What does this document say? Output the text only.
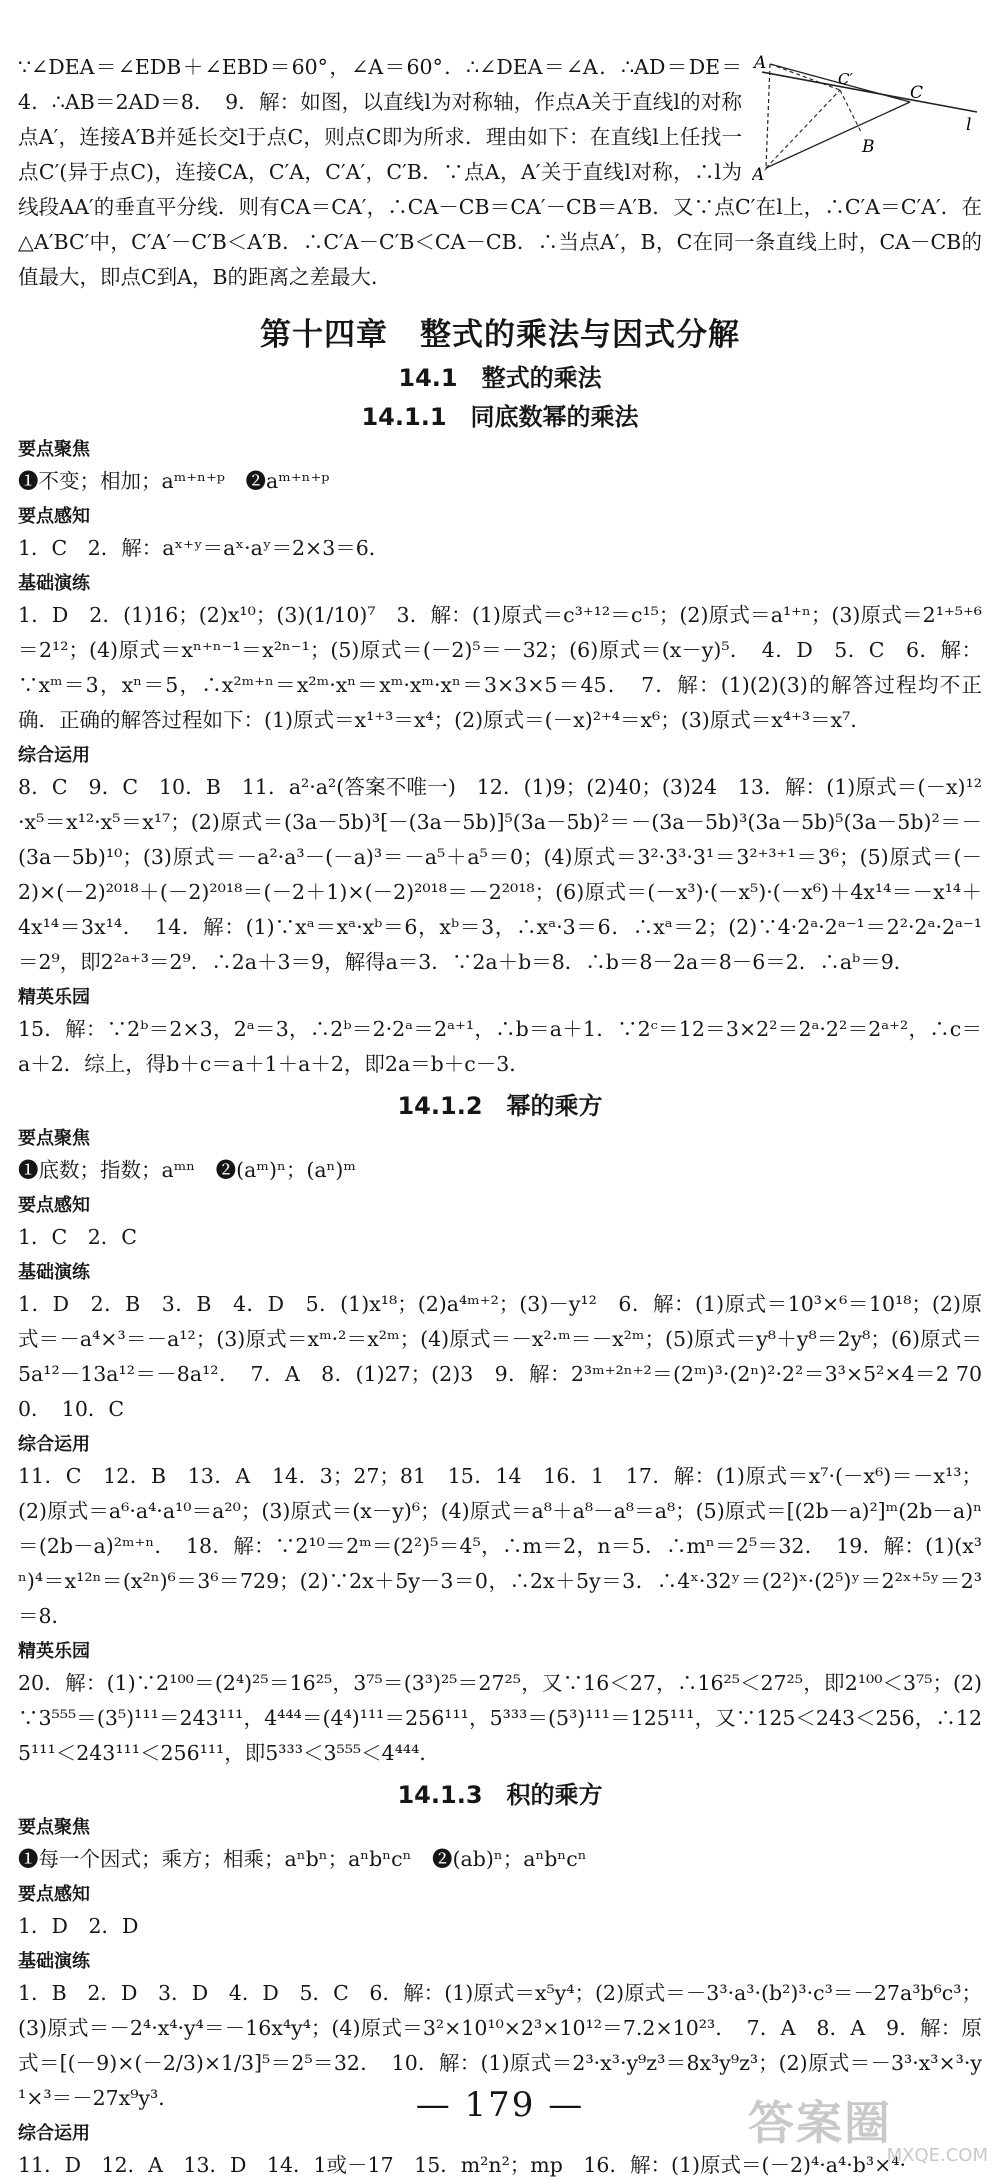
A
A′
B
C
C′
l

∵∠DEA＝∠EDB＋∠EBD＝60°，∠A＝60°．∴∠DEA＝∠A．∴AD＝DE＝4．∴AB＝2AD＝8．　9．解：如图，以直线l为对称轴，作点A关于直线l的对称点A′，连接A′B并延长交l于点C，则点C即为所求．理由如下：在直线l上任找一点C′(异于点C)，连接CA，C′A，C′A′，C′B．∵点A，A′关于直线l对称，∴l为线段AA′的垂直平分线．则有CA＝CA′，∴CA－CB＝CA′－CB＝A′B．又∵点C′在l上，∴C′A＝C′A′．在△A′BC′中，C′A′－C′B＜A′B．∴C′A－C′B＜CA－CB．∴当点A′，B，C在同一条直线上时，CA－CB的值最大，即点C到A，B的距离之差最大．

第十四章　整式的乘法与因式分解
14.1　整式的乘法
14.1.1　同底数幂的乘法
要点聚焦

❶不变；相加；aᵐ⁺ⁿ⁺ᵖ　❷aᵐ⁺ⁿ⁺ᵖ

要点感知

1．C　2．解：aˣ⁺ʸ＝aˣ·aʸ＝2×3＝6．

基础演练

1．D　2．(1)16；(2)x¹⁰；(3)(1/10)⁷　3．解：(1)原式＝c³⁺¹²＝c¹⁵；(2)原式＝a¹⁺ⁿ；(3)原式＝2¹⁺⁵⁺⁶＝2¹²；(4)原式＝xⁿ⁺ⁿ⁻¹＝x²ⁿ⁻¹；(5)原式＝(－2)⁵＝－32；(6)原式＝(x－y)⁵．　4．D　5．C　6．解：∵xᵐ＝3，xⁿ＝5，∴x²ᵐ⁺ⁿ＝x²ᵐ·xⁿ＝xᵐ·xᵐ·xⁿ＝3×3×5＝45．　7．解：(1)(2)(3)的解答过程均不正确．正确的解答过程如下：(1)原式＝x¹⁺³＝x⁴；(2)原式＝(－x)²⁺⁴＝x⁶；(3)原式＝x⁴⁺³＝x⁷．

综合运用

8．C　9．C　10．B　11．a²·a²(答案不唯一)　12．(1)9；(2)40；(3)24　13．解：(1)原式＝(－x)¹²·x⁵＝x¹²·x⁵＝x¹⁷；(2)原式＝(3a－5b)³[－(3a－5b)]⁵(3a－5b)²＝－(3a－5b)³(3a－5b)⁵(3a－5b)²＝－(3a－5b)¹⁰；(3)原式＝－a²·a³－(－a)³＝－a⁵＋a⁵＝0；(4)原式＝3²·3³·3¹＝3²⁺³⁺¹＝3⁶；(5)原式＝(－2)×(－2)²⁰¹⁸＋(－2)²⁰¹⁸＝(－2＋1)×(－2)²⁰¹⁸＝－2²⁰¹⁸；(6)原式＝(－x³)·(－x⁵)·(－x⁶)＋4x¹⁴＝－x¹⁴＋4x¹⁴＝3x¹⁴．　14．解：(1)∵xᵃ＝xᵃ·xᵇ＝6，xᵇ＝3，∴xᵃ·3＝6．∴xᵃ＝2；(2)∵4·2ᵃ·2ᵃ⁻¹＝2²·2ᵃ·2ᵃ⁻¹＝2⁹，即2²ᵃ⁺³＝2⁹．∴2a＋3＝9，解得a＝3．∵2a＋b＝8．∴b＝8－2a＝8－6＝2．∴aᵇ＝9．

精英乐园

15．解：∵2ᵇ＝2×3，2ᵃ＝3，∴2ᵇ＝2·2ᵃ＝2ᵃ⁺¹，∴b＝a＋1．∵2ᶜ＝12＝3×2²＝2ᵃ·2²＝2ᵃ⁺²，∴c＝a＋2．综上，得b＋c＝a＋1＋a＋2，即2a＝b＋c－3．

14.1.2　幂的乘方
要点聚焦

❶底数；指数；aᵐⁿ　❷(aᵐ)ⁿ；(aⁿ)ᵐ

要点感知

1．C　2．C

基础演练

1．D　2．B　3．B　4．D　5．(1)x¹⁸；(2)a⁴ᵐ⁺²；(3)－y¹²　6．解：(1)原式＝10³×⁶＝10¹⁸；(2)原式＝－a⁴×³＝－a¹²；(3)原式＝xᵐ·²＝x²ᵐ；(4)原式＝－x²·ᵐ＝－x²ᵐ；(5)原式＝y⁸＋y⁸＝2y⁸；(6)原式＝5a¹²－13a¹²＝－8a¹²．　7．A　8．(1)27；(2)3　9．解：2³ᵐ⁺²ⁿ⁺²＝(2ᵐ)³·(2ⁿ)²·2²＝3³×5²×4＝2 700．　10．C

综合运用

11．C　12．B　13．A　14．3；27；81　15．14　16．1　17．解：(1)原式＝x⁷·(－x⁶)＝－x¹³；(2)原式＝a⁶·a⁴·a¹⁰＝a²⁰；(3)原式＝(x－y)⁶；(4)原式＝a⁸＋a⁸－a⁸＝a⁸；(5)原式＝[(2b－a)²]ᵐ(2b－a)ⁿ＝(2b－a)²ᵐ⁺ⁿ．　18．解：∵2¹⁰＝2ᵐ＝(2²)⁵＝4⁵，∴m＝2，n＝5．∴mⁿ＝2⁵＝32．　19．解：(1)(x³ⁿ)⁴＝x¹²ⁿ＝(x²ⁿ)⁶＝3⁶＝729；(2)∵2x＋5y－3＝0，∴2x＋5y＝3．∴4ˣ·32ʸ＝(2²)ˣ·(2⁵)ʸ＝2²ˣ⁺⁵ʸ＝2³＝8．

精英乐园

20．解：(1)∵2¹⁰⁰＝(2⁴)²⁵＝16²⁵，3⁷⁵＝(3³)²⁵＝27²⁵，又∵16＜27，∴16²⁵＜27²⁵，即2¹⁰⁰＜3⁷⁵；(2)∵3⁵⁵⁵＝(3⁵)¹¹¹＝243¹¹¹，4⁴⁴⁴＝(4⁴)¹¹¹＝256¹¹¹，5³³³＝(5³)¹¹¹＝125¹¹¹，又∵125＜243＜256，∴125¹¹¹＜243¹¹¹＜256¹¹¹，即5³³³＜3⁵⁵⁵＜4⁴⁴⁴．

14.1.3　积的乘方
要点聚焦

❶每一个因式；乘方；相乘；aⁿbⁿ；aⁿbⁿcⁿ　❷(ab)ⁿ；aⁿbⁿcⁿ

要点感知

1．D　2．D

基础演练

1．B　2．D　3．D　4．D　5．C　6．解：(1)原式＝x⁵y⁴；(2)原式＝－3³·a³·(b²)³·c³＝－27a³b⁶c³；(3)原式＝－2⁴·x⁴·y⁴＝－16x⁴y⁴；(4)原式＝3²×10¹⁰×2³×10¹²＝7.2×10²³．　7．A　8．A　9．解：原式＝[(－9)×(－2/3)×1/3]⁵＝2⁵＝32．　10．解：(1)原式＝2³·x³·y⁹z³＝8x³y⁹z³；(2)原式＝－3³·x³×³·y¹×³＝－27x⁹y³．

综合运用

11．D　12．A　13．D　14．1或－17　15．m²n²；mp　16．解：(1)原式＝(－2)⁴·a⁴·b³×⁴·

— 179 —	答案圈
MXQE.COM
